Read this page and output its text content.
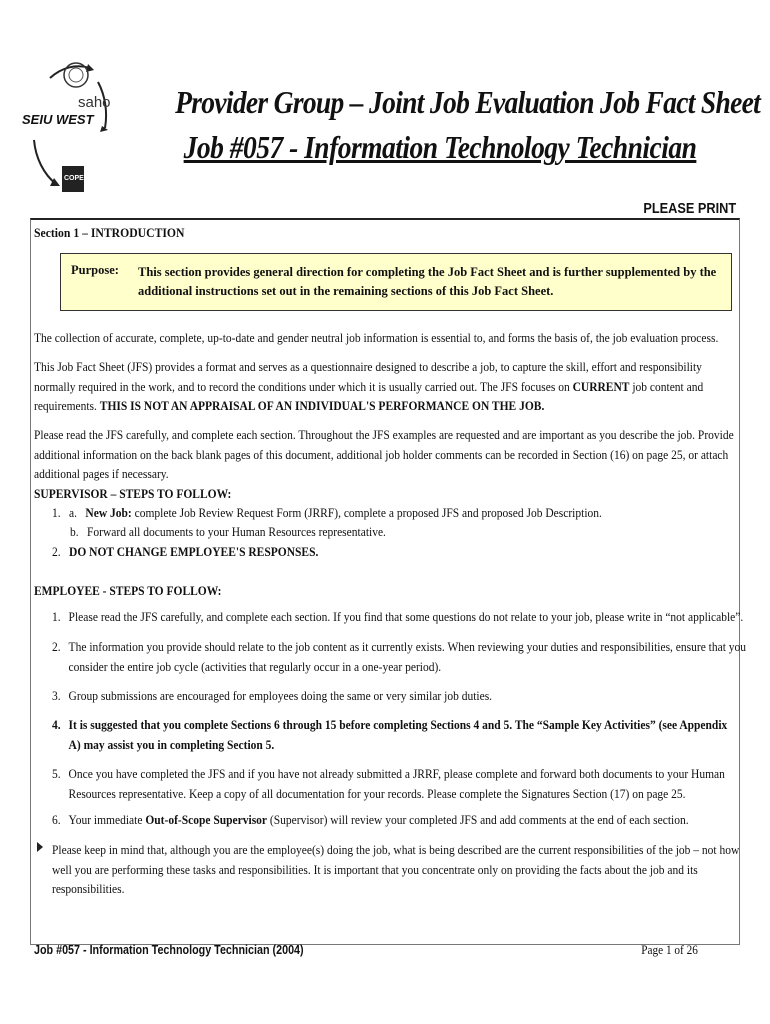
SEIU WEST
saho
COPE
Provider Group – Joint Job Evaluation Job Fact Sheet
Job #057 - Information Technology Technician
PLEASE PRINT
Section 1 – INTRODUCTION
Purpose: This section provides general direction for completing the Job Fact Sheet and is further supplemented by the additional instructions set out in the remaining sections of this Job Fact Sheet.
The collection of accurate, complete, up-to-date and gender neutral job information is essential to, and forms the basis of, the job evaluation process.
This Job Fact Sheet (JFS) provides a format and serves as a questionnaire designed to describe a job, to capture the skill, effort and responsibility normally required in the work, and to record the conditions under which it is usually carried out. The JFS focuses on CURRENT job content and requirements. THIS IS NOT AN APPRAISAL OF AN INDIVIDUAL'S PERFORMANCE ON THE JOB.
Please read the JFS carefully, and complete each section. Throughout the JFS examples are requested and are important as you describe the job. Provide additional information on the back blank pages of this document, additional job holder comments can be recorded in Section (16) on page 25, or attach additional pages if necessary.
SUPERVISOR – STEPS TO FOLLOW:
1. a. New Job: complete Job Review Request Form (JRRF), complete a proposed JFS and proposed Job Description.
b. Forward all documents to your Human Resources representative.
2. DO NOT CHANGE EMPLOYEE'S RESPONSES.
EMPLOYEE - STEPS TO FOLLOW:
1. Please read the JFS carefully, and complete each section. If you find that some questions do not relate to your job, please write in “not applicable”.
2. The information you provide should relate to the job content as it currently exists. When reviewing your duties and responsibilities, ensure that you consider the entire job cycle (activities that regularly occur in a one-year period).
3. Group submissions are encouraged for employees doing the same or very similar job duties.
4. It is suggested that you complete Sections 6 through 15 before completing Sections 4 and 5. The “Sample Key Activities” (see Appendix A) may assist you in completing Section 5.
5. Once you have completed the JFS and if you have not already submitted a JRRF, please complete and forward both documents to your Human Resources representative. Keep a copy of all documentation for your records. Please complete the Signatures Section (17) on page 25.
6. Your immediate Out-of-Scope Supervisor (Supervisor) will review your completed JFS and add comments at the end of each section.
Please keep in mind that, although you are the employee(s) doing the job, what is being described are the current responsibilities of the job – not how well you are performing these tasks and responsibilities. It is important that you concentrate only on providing the facts about the job and its responsibilities.
Job #057 - Information Technology Technician (2004)	Page 1 of 26
